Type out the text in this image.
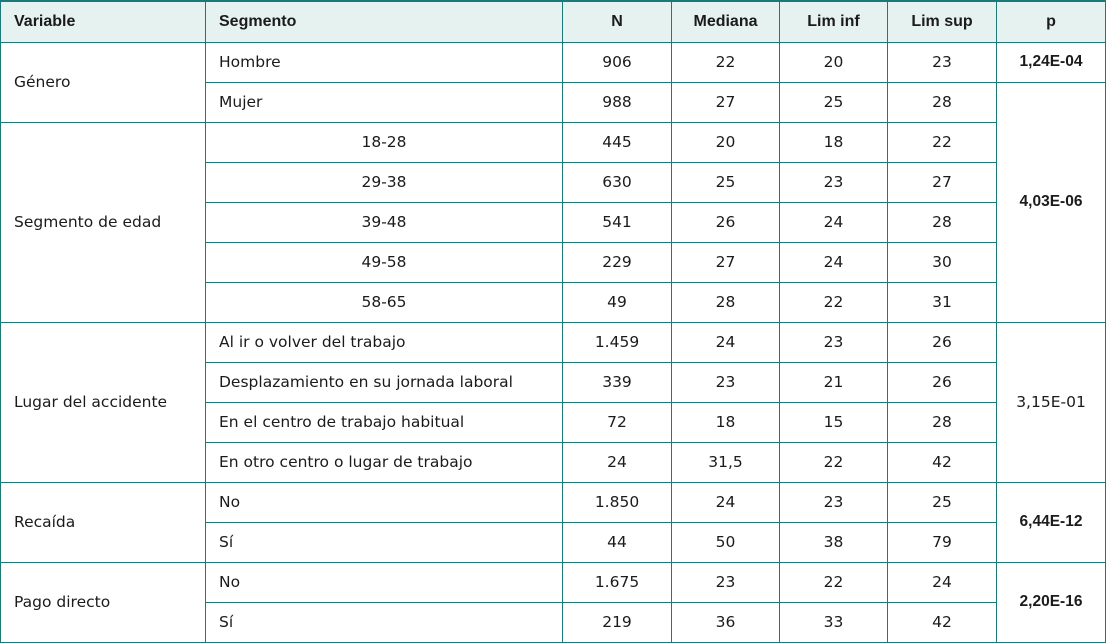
Variable	Segmento	N	Mediana	Lim inf	Lim sup	p
Género	Hombre	906	22	20	23	1,24E-04
	Mujer	988	27	25	28	4,03E-06
Segmento de edad	18-28	445	20	18	22	
	29-38	630	25	23	27	
	39-48	541	26	24	28	
	49-58	229	27	24	30	
	58-65	49	28	22	31	
Lugar del accidente	Al ir o volver del trabajo	1.459	24	23	26	3,15E-01
	Desplazamiento en su jornada laboral	339	23	21	26	
	En el centro de trabajo habitual	72	18	15	28	
	En otro centro o lugar de trabajo	24	31,5	22	42	
Recaída	No	1.850	24	23	25	6,44E-12
	Sí	44	50	38	79	
Pago directo	No	1.675	23	22	24	2,20E-16
	Sí	219	36	33	42	
